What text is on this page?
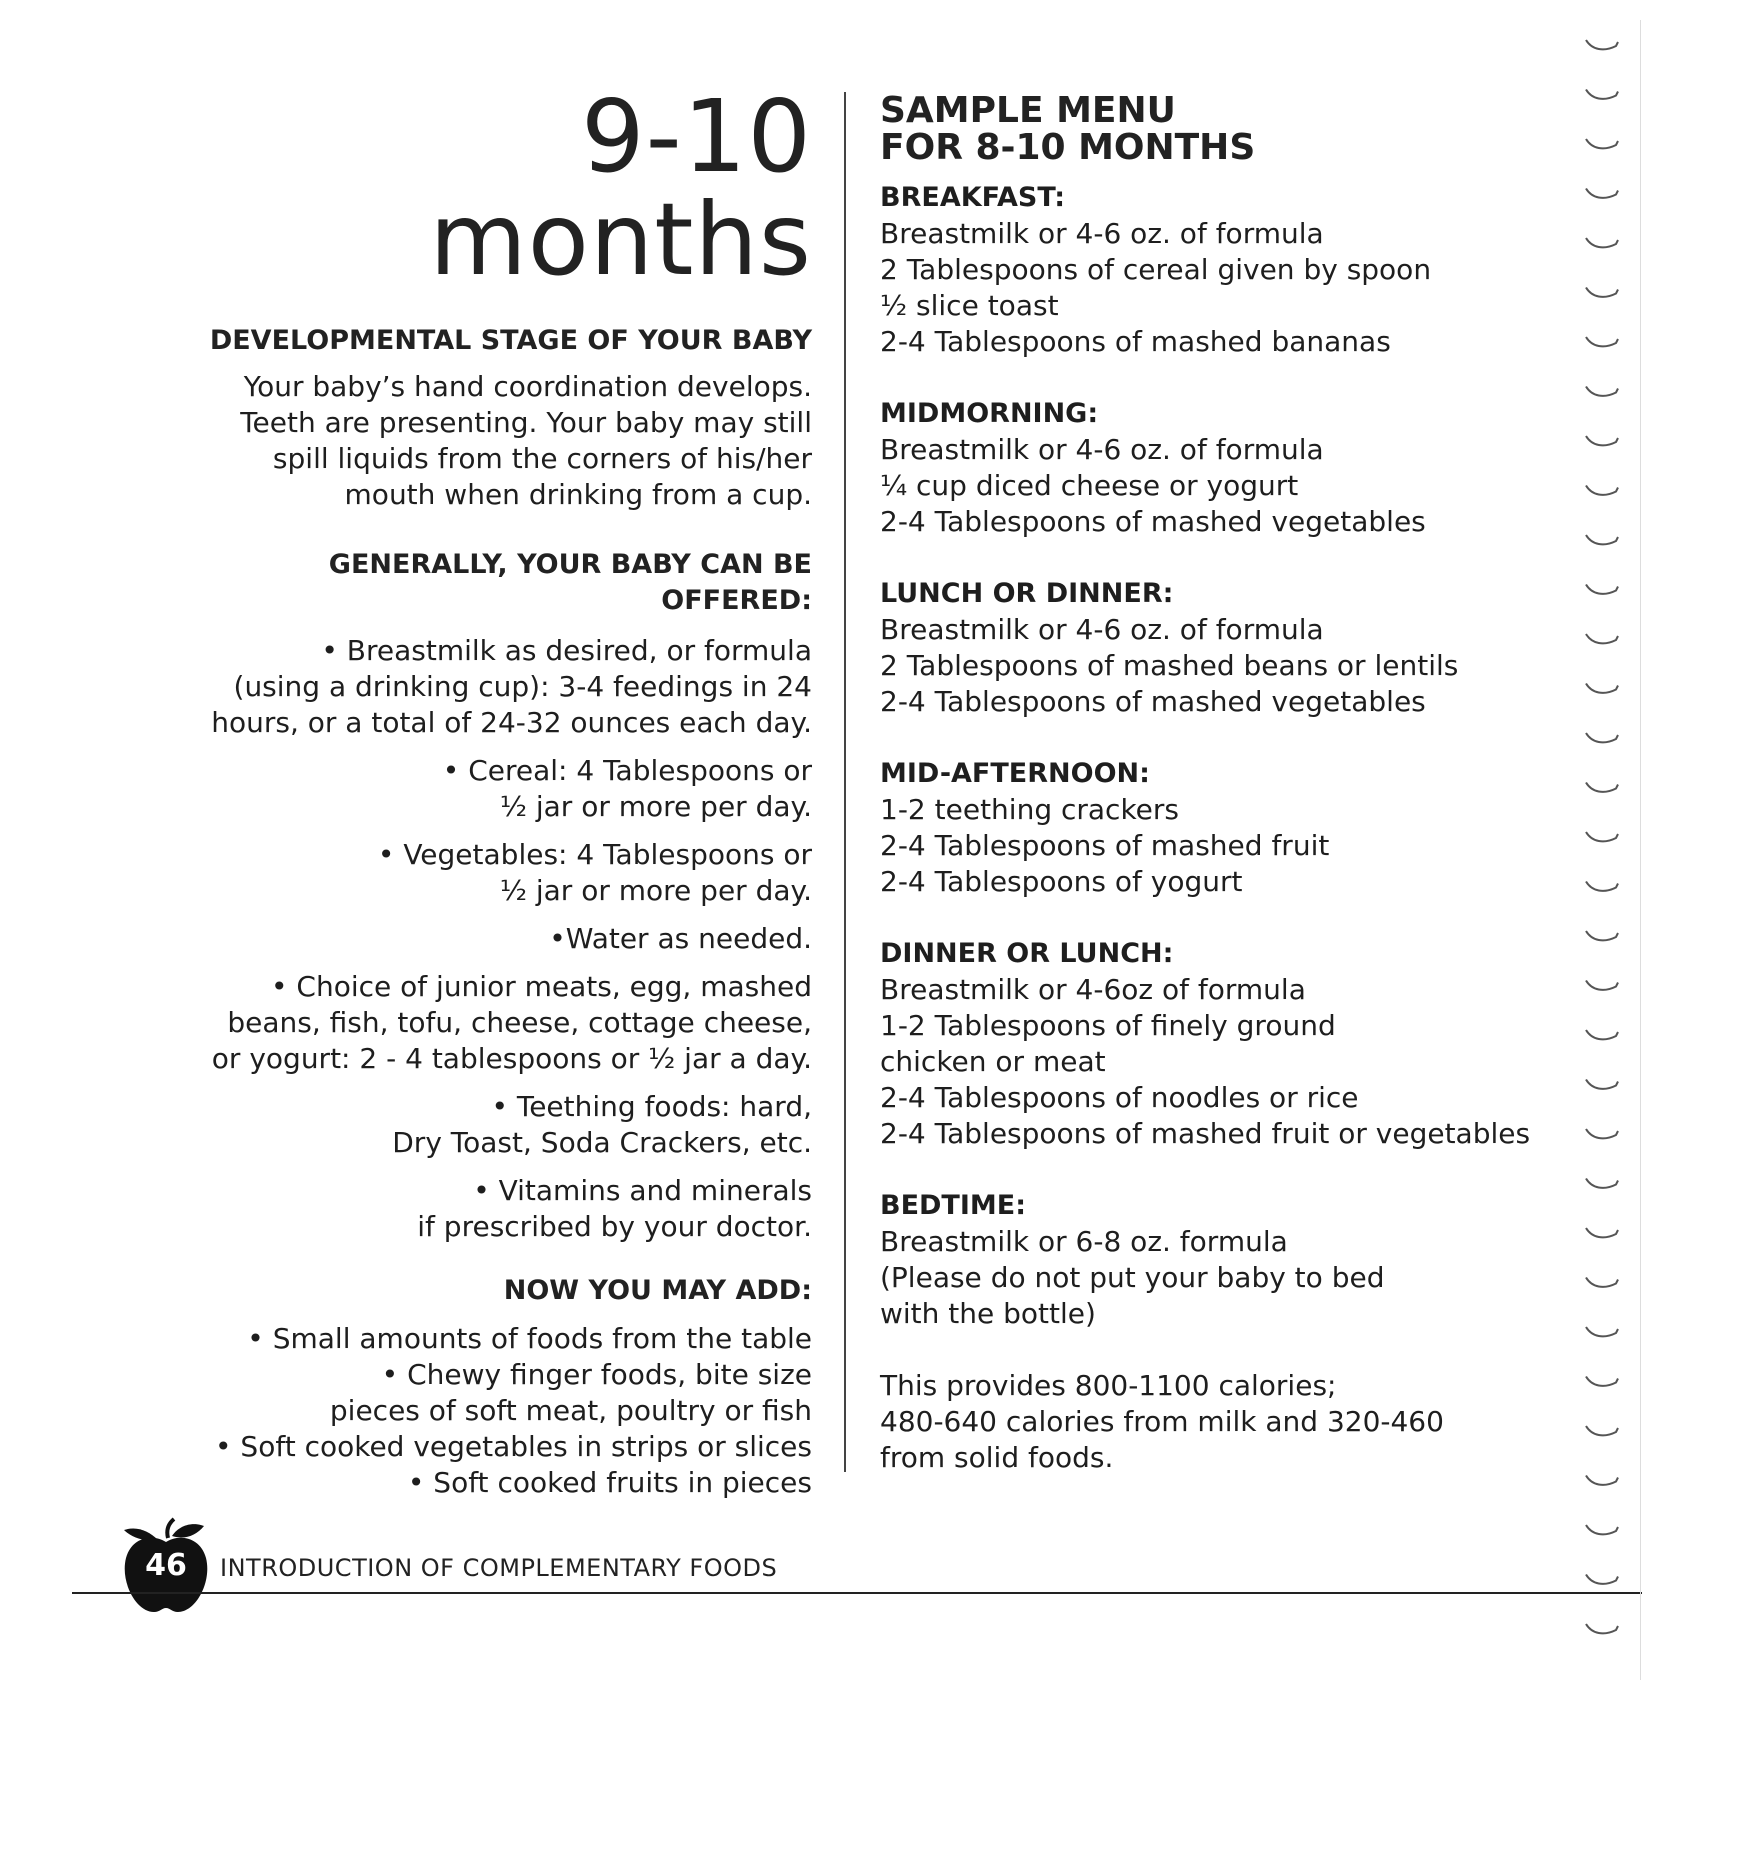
9-10
months
DEVELOPMENTAL STAGE OF YOUR BABY
Your baby’s hand coordination develops.
Teeth are presenting. Your baby may still
spill liquids from the corners of his/her
mouth when drinking from a cup.
GENERALLY, YOUR BABY CAN BE OFFERED:
• Breastmilk as desired, or formula
(using a drinking cup): 3-4 feedings in 24
hours, or a total of 24-32 ounces each day.
• Cereal: 4 Tablespoons or
½ jar or more per day.
• Vegetables: 4 Tablespoons or
½ jar or more per day.
•Water as needed.
• Choice of junior meats, egg, mashed
beans, fish, tofu, cheese, cottage cheese,
or yogurt: 2 - 4 tablespoons or ½ jar a day.
• Teething foods: hard,
Dry Toast, Soda Crackers, etc.
• Vitamins and minerals
if prescribed by your doctor.
NOW YOU MAY ADD:
• Small amounts of foods from the table
• Chewy finger foods, bite size
pieces of soft meat, poultry or fish
• Soft cooked vegetables in strips or slices
• Soft cooked fruits in pieces
SAMPLE MENU
FOR 8-10 MONTHS
BREAKFAST:
Breastmilk or 4-6 oz. of formula
2 Tablespoons of cereal given by spoon
½ slice toast
2-4 Tablespoons of mashed bananas
MIDMORNING:
Breastmilk or 4-6 oz. of formula
¼ cup diced cheese or yogurt
2-4 Tablespoons of mashed vegetables
LUNCH OR DINNER:
Breastmilk or 4-6 oz. of formula
2 Tablespoons of mashed beans or lentils
2-4 Tablespoons of mashed vegetables
MID-AFTERNOON:
1-2 teething crackers
2-4 Tablespoons of mashed fruit
2-4 Tablespoons of yogurt
DINNER OR LUNCH:
Breastmilk or 4-6oz of formula
1-2 Tablespoons of finely ground
chicken or meat
2-4 Tablespoons of noodles or rice
2-4 Tablespoons of mashed fruit or vegetables
BEDTIME:
Breastmilk or 6-8 oz. formula
(Please do not put your baby to bed
with the bottle)
This provides 800-1100 calories;
480-640 calories from milk and 320-460
from solid foods.
46 INTRODUCTION OF COMPLEMENTARY FOODS
